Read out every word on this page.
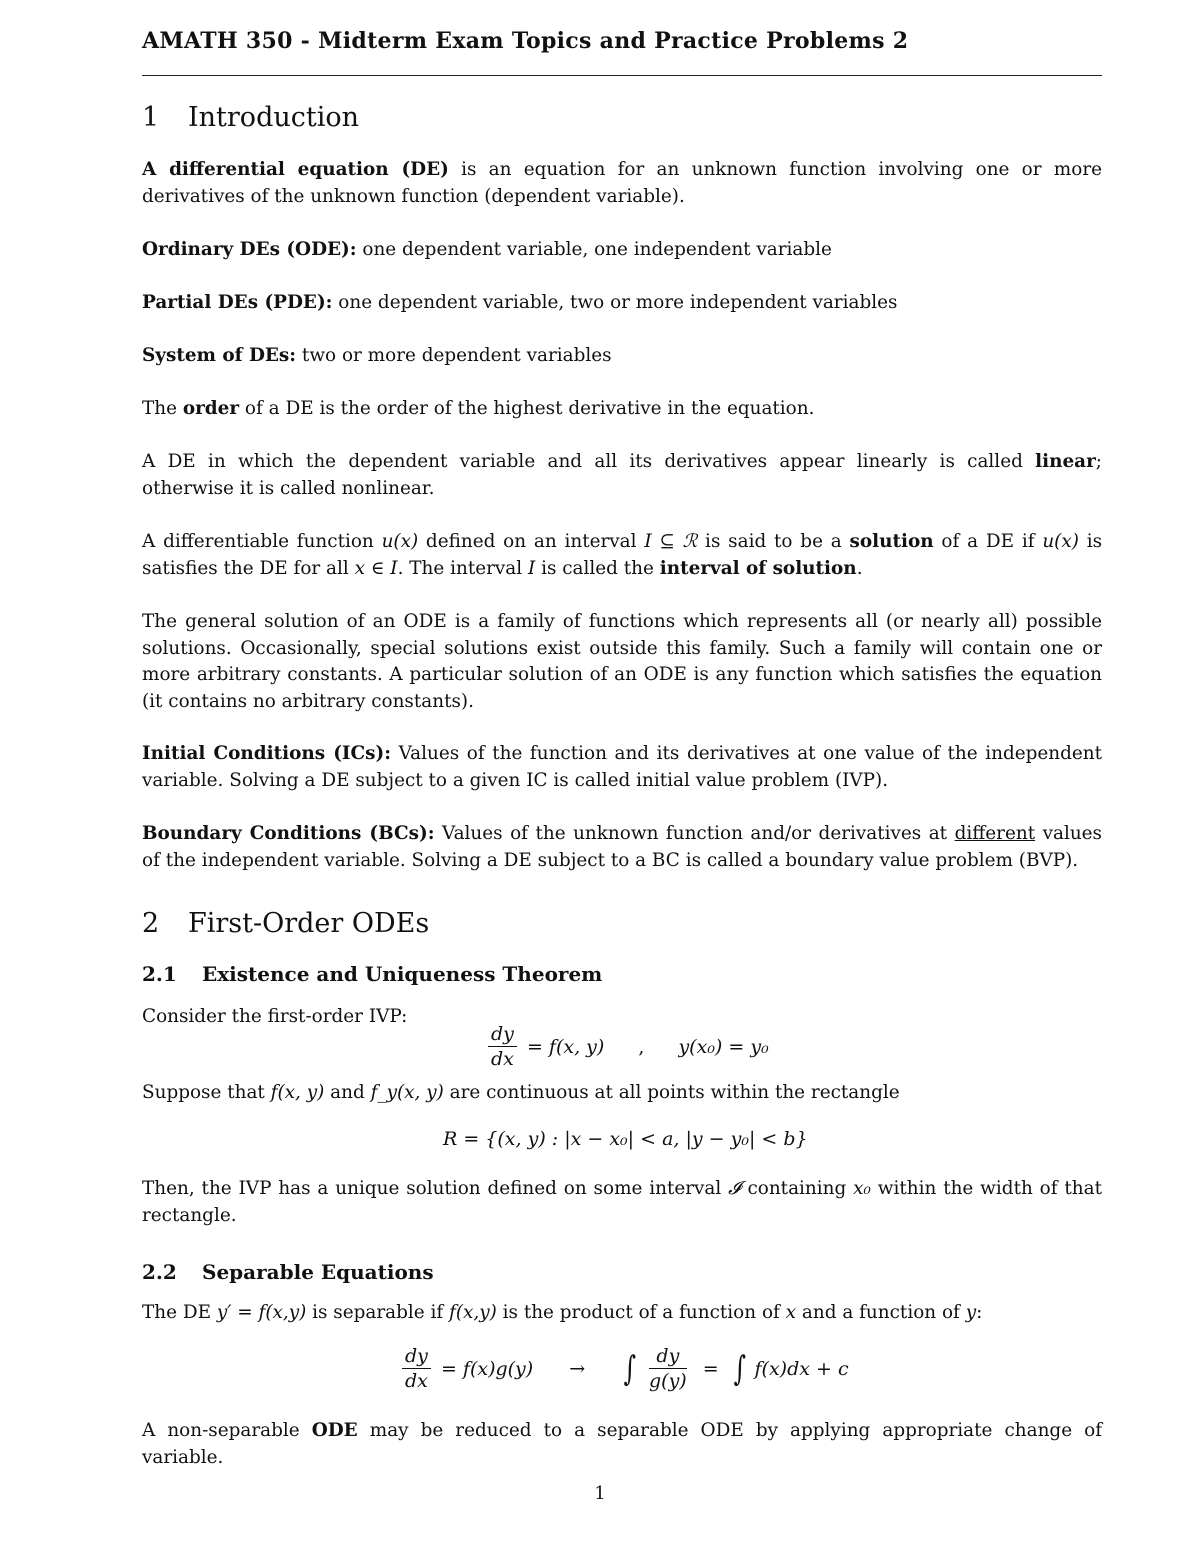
AMATH 350 - Midterm Exam Topics and Practice Problems 2
1 Introduction
A differential equation (DE) is an equation for an unknown function involving one or more derivatives of the unknown function (dependent variable).
Ordinary DEs (ODE): one dependent variable, one independent variable
Partial DEs (PDE): one dependent variable, two or more independent variables
System of DEs: two or more dependent variables
The order of a DE is the order of the highest derivative in the equation.
A DE in which the dependent variable and all its derivatives appear linearly is called linear; otherwise it is called nonlinear.
A differentiable function u(x) defined on an interval I ⊆ ℛ is said to be a solution of a DE if u(x) is satisfies the DE for all x ∈ I. The interval I is called the interval of solution.
The general solution of an ODE is a family of functions which represents all (or nearly all) possible solutions. Occasionally, special solutions exist outside this family. Such a family will contain one or more arbitrary constants. A particular solution of an ODE is any function which satisfies the equation (it contains no arbitrary constants).
Initial Conditions (ICs): Values of the function and its derivatives at one value of the independent variable. Solving a DE subject to a given IC is called initial value problem (IVP).
Boundary Conditions (BCs): Values of the unknown function and/or derivatives at different values of the independent variable. Solving a DE subject to a BC is called a boundary value problem (BVP).
2 First-Order ODEs
2.1 Existence and Uniqueness Theorem
Consider the first-order IVP:
$\frac{dy}{dx} = f(x$, y) , y(x₀) = y₀
Suppose that f(x, y) and f_y(x, y) are continuous at all points within the rectangle
R = {(x, y) : |x − x₀| < a, |y − y₀| < b}
Then, the IVP has a unique solution defined on some interval 𝓘 containing x₀ within the width of that rectangle.
2.2 Separable Equations
The DE y′ = f(x,y) is separable if f(x,y) is the product of a function of x and a function of y:
$\frac{dy}{dx} = f(x)g(y)$ → ∫ $\frac{dy}{g(y)}$ = ∫ f(x)dx + c
A non-separable ODE may be reduced to a separable ODE by applying appropriate change of variable.
1
